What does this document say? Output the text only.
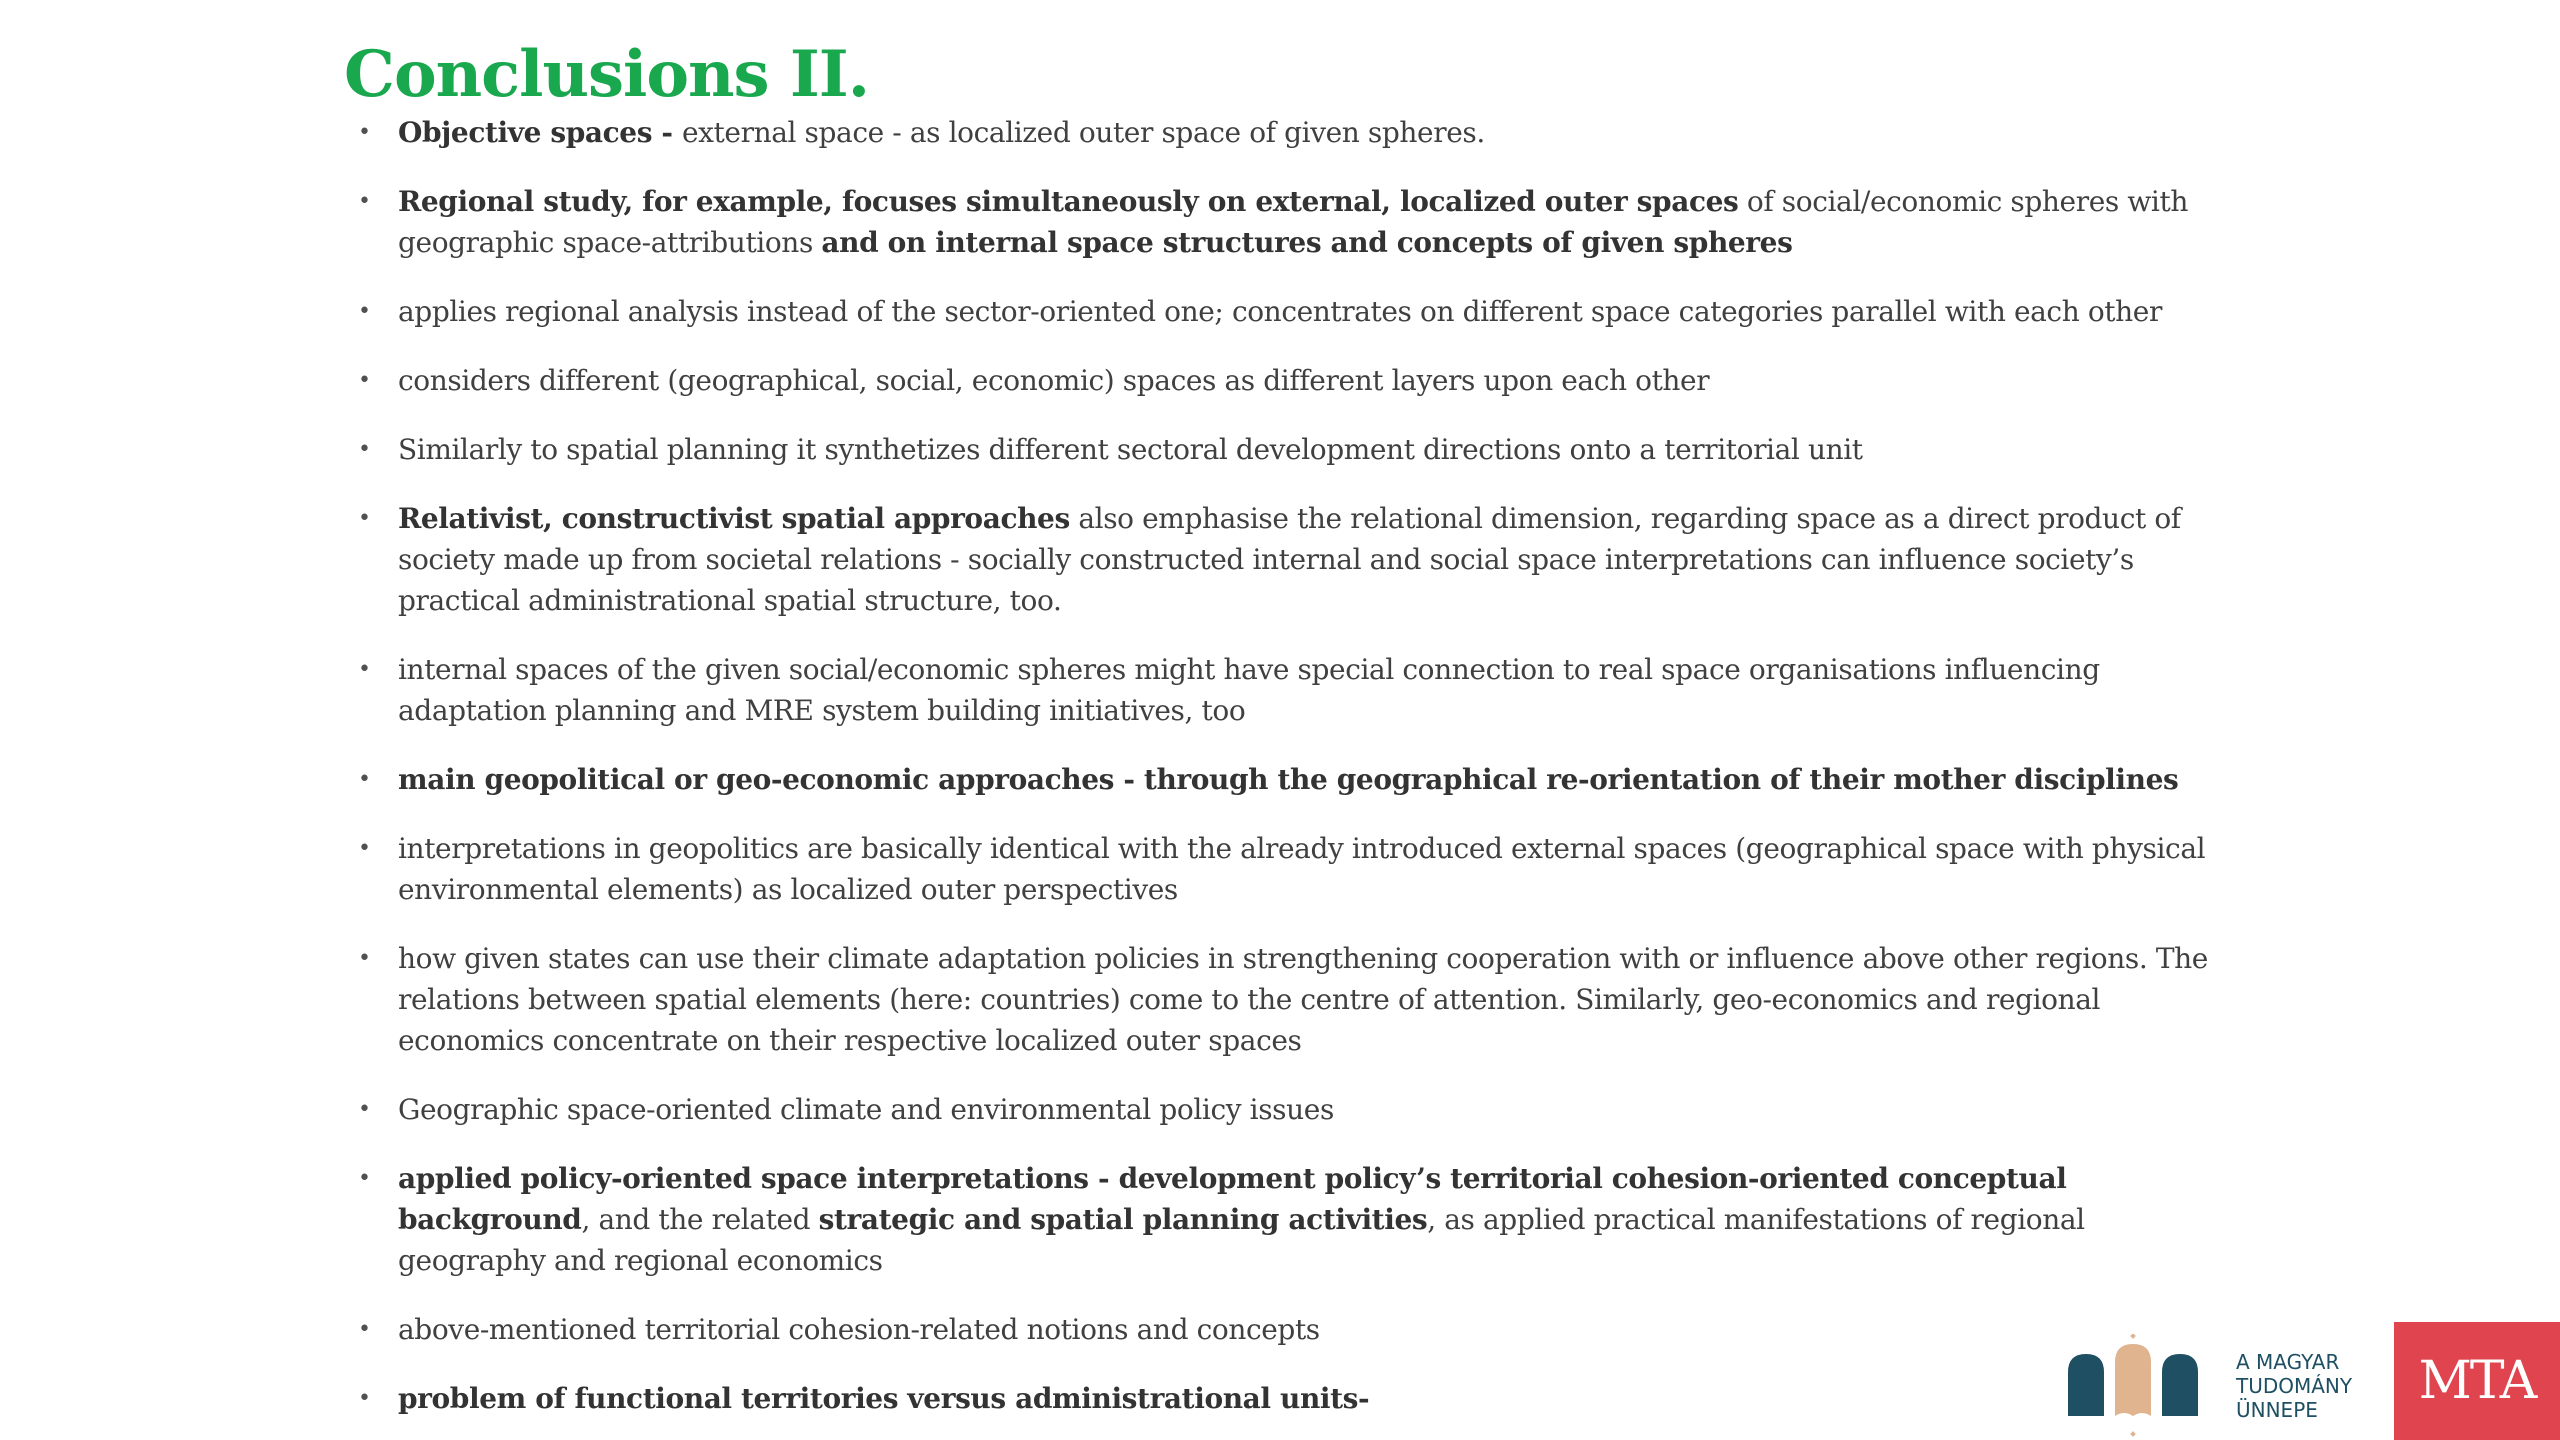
Conclusions II.
• Objective spaces - external space - as localized outer space of given spheres.
• Regional study, for example, focuses simultaneously on external, localized outer spaces of social/economic spheres with geographic space-attributions and on internal space structures and concepts of given spheres
• applies regional analysis instead of the sector-oriented one; concentrates on different space categories parallel with each other
• considers different (geographical, social, economic) spaces as different layers upon each other
• Similarly to spatial planning it synthetizes different sectoral development directions onto a territorial unit
• Relativist, constructivist spatial approaches also emphasise the relational dimension, regarding space as a direct product of society made up from societal relations - socially constructed internal and social space interpretations can influence society’s practical administrational spatial structure, too.
• internal spaces of the given social/economic spheres might have special connection to real space organisations influencing adaptation planning and MRE system building initiatives, too
• main geopolitical or geo-economic approaches - through the geographical re-orientation of their mother disciplines
• interpretations in geopolitics are basically identical with the already introduced external spaces (geographical space with physical environmental elements) as localized outer perspectives
• how given states can use their climate adaptation policies in strengthening cooperation with or influence above other regions. The relations between spatial elements (here: countries) come to the centre of attention. Similarly, geo-economics and regional economics concentrate on their respective localized outer spaces
• Geographic space-oriented climate and environmental policy issues
• applied policy-oriented space interpretations - development policy’s territorial cohesion-oriented conceptual background, and the related strategic and spatial planning activities, as applied practical manifestations of regional geography and regional economics
• above-mentioned territorial cohesion-related notions and concepts
• problem of functional territories versus administrational units-
A MAGYAR
TUDOMÁNY
ÜNNEPE	MTA
